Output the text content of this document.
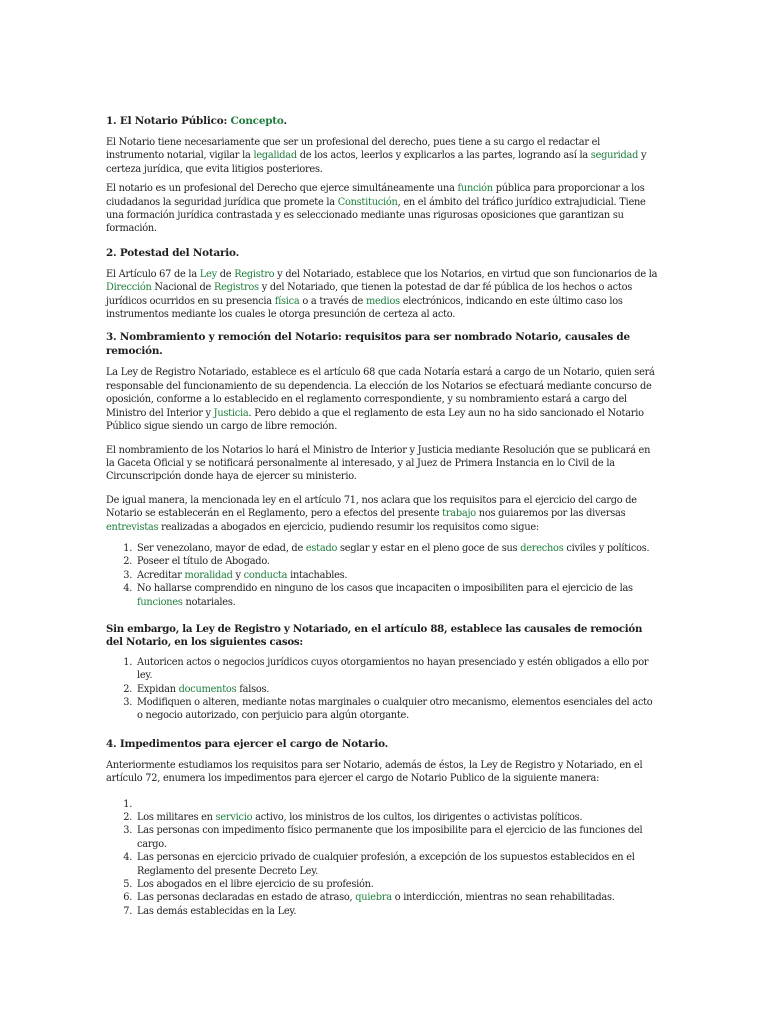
1. El Notario Público: Concepto.

El Notario tiene necesariamente que ser un profesional del derecho, pues tiene a su cargo el redactar el instrumento notarial, vigilar la legalidad de los actos, leerlos y explicarlos a las partes, logrando así la seguridad y certeza jurídica, que evita litigios posteriores.

El notario es un profesional del Derecho que ejerce simultáneamente una función pública para proporcionar a los ciudadanos la seguridad jurídica que promete la Constitución, en el ámbito del tráfico jurídico extrajudicial. Tiene una formación jurídica contrastada y es seleccionado mediante unas rigurosas oposiciones que garantizan su formación.

2. Potestad del Notario.

El Artículo 67 de la Ley de Registro y del Notariado, establece que los Notarios, en virtud que son funcionarios de la Dirección Nacional de Registros y del Notariado, que tienen la potestad de dar fé pública de los hechos o actos jurídicos ocurridos en su presencia física o a través de medios electrónicos, indicando en este último caso los instrumentos mediante los cuales le otorga presunción de certeza al acto.

3. Nombramiento y remoción del Notario: requisitos para ser nombrado Notario, causales de remoción.

La Ley de Registro Notariado, establece es el artículo 68 que cada Notaría estará a cargo de un Notario, quien será responsable del funcionamiento de su dependencia. La elección de los Notarios se efectuará mediante concurso de oposición, conforme a lo establecido en el reglamento correspondiente, y su nombramiento estará a cargo del Ministro del Interior y Justicia. Pero debido a que el reglamento de esta Ley aun no ha sido sancionado el Notario Público sigue siendo un cargo de libre remoción.

El nombramiento de los Notarios lo hará el Ministro de Interior y Justicia mediante Resolución que se publicará en la Gaceta Oficial y se notificará personalmente al interesado, y al Juez de Primera Instancia en lo Civil de la Circunscripción donde haya de ejercer su ministerio.

De igual manera, la mencionada ley en el artículo 71, nos aclara que los requisitos para el ejercicio del cargo de Notario se establecerán en el Reglamento, pero a efectos del presente trabajo nos guiaremos por las diversas entrevistas realizadas a abogados en ejercicio, pudiendo resumir los requisitos como sigue:

1. Ser venezolano, mayor de edad, de estado seglar y estar en el pleno goce de sus derechos civiles y políticos.
2. Poseer el título de Abogado.
3. Acreditar moralidad y conducta intachables.
4. No hallarse comprendido en ninguno de los casos que incapaciten o imposibiliten para el ejercicio de las funciones notariales.

Sin embargo, la Ley de Registro y Notariado, en el artículo 88, establece las causales de remoción del Notario, en los siguientes casos:

1. Autoricen actos o negocios jurídicos cuyos otorgamientos no hayan presenciado y estén obligados a ello por ley.
2. Expidan documentos falsos.
3. Modifiquen o alteren, mediante notas marginales o cualquier otro mecanismo, elementos esenciales del acto o negocio autorizado, con perjuicio para algún otorgante.
4. Impedimentos para ejercer el cargo de Notario.

Anteriormente estudiamos los requisitos para ser Notario, además de éstos, la Ley de Registro y Notariado, en el artículo 72, enumera los impedimentos para ejercer el cargo de Notario Publico de la siguiente manera:

1.
2. Los militares en servicio activo, los ministros de los cultos, los dirigentes o activistas políticos.
3. Las personas con impedimento físico permanente que los imposibilite para el ejercicio de las funciones del cargo.
4. Las personas en ejercicio privado de cualquier profesión, a excepción de los supuestos establecidos en el Reglamento del presente Decreto Ley.
5. Los abogados en el libre ejercicio de su profesión.
6. Las personas declaradas en estado de atraso, quiebra o interdicción, mientras no sean rehabilitadas.
7. Las demás establecidas en la Ley.
